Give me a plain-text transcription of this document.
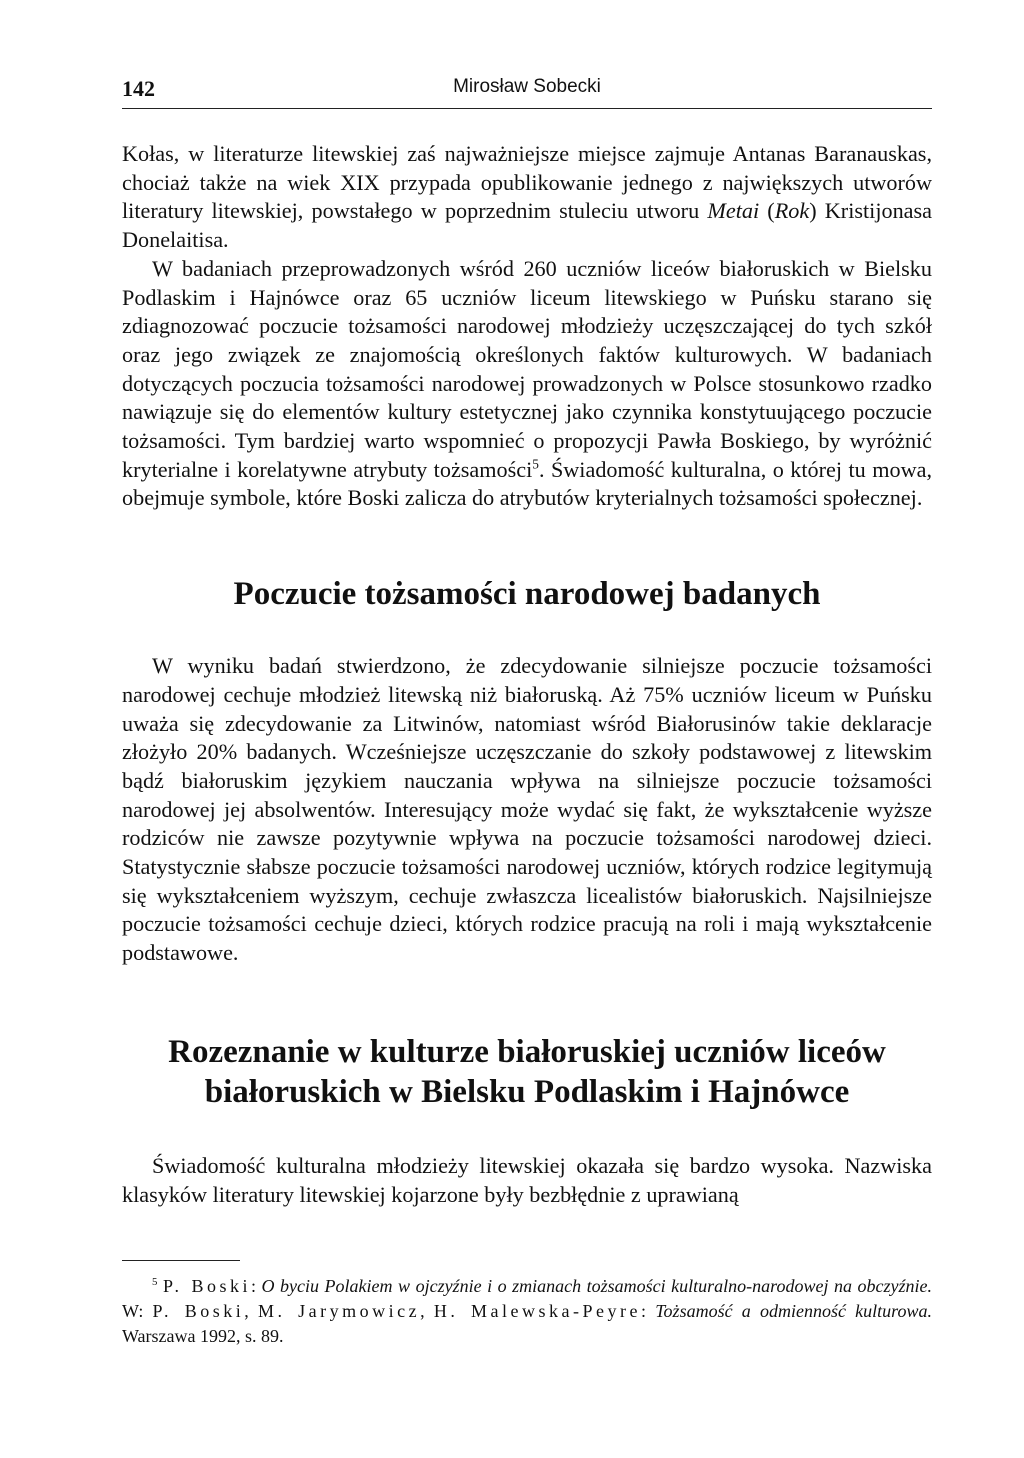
142	Mirosław Sobecki

Kołas, w literaturze litewskiej zaś najważniejsze miejsce zajmuje Antanas Baranauskas, chociaż także na wiek XIX przypada opublikowanie jednego z największych utworów literatury litewskiej, powstałego w poprzednim stuleciu utworu Metai (Rok) Kristijonasa Donelaitisa.

W badaniach przeprowadzonych wśród 260 uczniów liceów białoruskich w Bielsku Podlaskim i Hajnówce oraz 65 uczniów liceum litewskiego w Puńsku starano się zdiagnozować poczucie tożsamości narodowej młodzieży uczęszczającej do tych szkół oraz jego związek ze znajomością określonych faktów kulturowych. W badaniach dotyczących poczucia tożsamości narodowej prowadzonych w Polsce stosunkowo rzadko nawiązuje się do elementów kultury estetycznej jako czynnika konstytuującego poczucie tożsamości. Tym bardziej warto wspomnieć o propozycji Pawła Boskiego, by wyróżnić kryterialne i korelatywne atrybuty tożsamości$^5$. Świadomość kulturalna, o której tu mowa, obejmuje symbole, które Boski zalicza do atrybutów kryterialnych tożsamości społecznej.

Poczucie tożsamości narodowej badanych

W wyniku badań stwierdzono, że zdecydowanie silniejsze poczucie tożsamości narodowej cechuje młodzież litewską niż białoruską. Aż 75% uczniów liceum w Puńsku uważa się zdecydowanie za Litwinów, natomiast wśród Białorusinów takie deklaracje złożyło 20% badanych. Wcześniejsze uczęszczanie do szkoły podstawowej z litewskim bądź białoruskim językiem nauczania wpływa na silniejsze poczucie tożsamości narodowej jej absolwentów. Interesujący może wydać się fakt, że wykształcenie wyższe rodziców nie zawsze pozytywnie wpływa na poczucie tożsamości narodowej dzieci. Statystycznie słabsze poczucie tożsamości narodowej uczniów, których rodzice legitymują się wykształceniem wyższym, cechuje zwłaszcza licealistów białoruskich. Najsilniejsze poczucie tożsamości cechuje dzieci, których rodzice pracują na roli i mają wykształcenie podstawowe.

Rozeznanie w kulturze białoruskiej uczniów liceów
białoruskich w Bielsku Podlaskim i Hajnówce

Świadomość kulturalna młodzieży litewskiej okazała się bardzo wysoka. Nazwiska klasyków literatury litewskiej kojarzone były bezbłędnie z uprawianą

$^5$ P. Boski: O byciu Polakiem w ojczyźnie i o zmianach tożsamości kulturalno-narodowej na obczyźnie. W: P. Boski, M. Jarymowicz, H. Malewska-Peyre: Tożsamość a odmienność kulturowa. Warszawa 1992, s. 89.
